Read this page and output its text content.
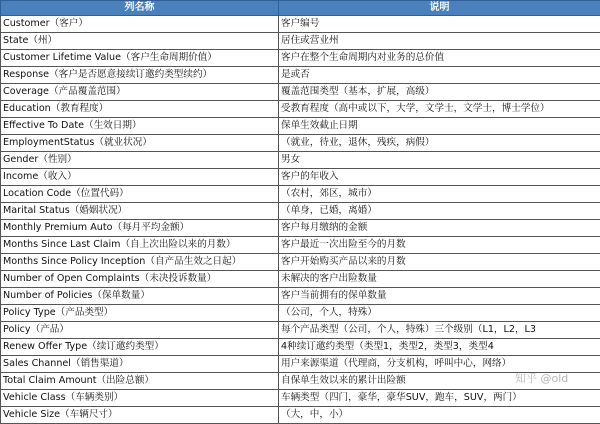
列名称	说明
Customer（客户）	客户编号
State（州）	居住或营业州
Customer Lifetime Value（客户生命周期价值）	客户在整个生命周期内对业务的总价值
Response（客户是否愿意接续订邀约类型续约）	是或否
Coverage（产品覆盖范围）	覆盖范围类型（基本，扩展，高级）
Education（教育程度）	受教育程度（高中或以下，大学，文学士，文学士，博士学位）
Effective To Date（生效日期）	保单生效截止日期
EmploymentStatus（就业状况）	（就业，待业，退休，残疾，病假）
Gender（性别）	男女
Income（收入）	客户的年收入
Location Code（位置代码）	（农村，郊区，城市）
Marital Status（婚姻状况）	（单身，已婚，离婚）
Monthly Premium Auto（每月平均金额）	客户每月缴纳的金额
Months Since Last Claim（自上次出险以来的月数）	客户最近一次出险至今的月数
Months Since Policy Inception（自产品生效之日起）	客户开始购买产品以来的月数
Number of Open Complaints（未决投诉数量）	未解决的客户出险数量
Number of Policies（保单数量）	客户当前拥有的保单数量
Policy Type（产品类型）	（公司，个人，特殊）
Policy（产品）	每个产品类型（公司，个人，特殊）三个级别（L1，L2，L3
Renew Offer Type（续订邀约类型）	4种续订邀约类型（类型1，类型2，类型3，类型4
Sales Channel（销售渠道）	用户来源渠道（代理商，分支机构，呼叫中心，网络）
Total Claim Amount（出险总额）	自保单生效以来的累计出险额
Vehicle Class（车辆类别）	车辆类型（四门，豪华，豪华SUV，跑车，SUV，两门）
Vehicle Size（车辆尺寸）	（大，中，小）
知乎 @old
